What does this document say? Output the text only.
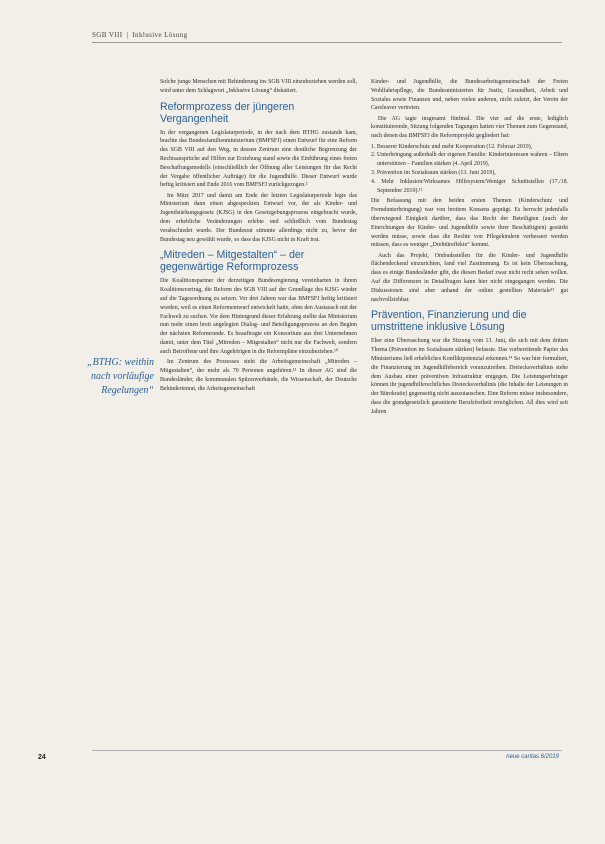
SGB VIII | Inklusive Lösung
„BTHG: weithin
nach vorläufige
Regelungen“

Solche junge Menschen mit Behinderung ins SGB VIII einzubeziehen werden soll, wird unter dem Schlagwort „Inklusive Lösung“ diskutiert.

Reformprozess der jüngeren Vergangenheit

In der vergangenen Legislaturperiode, in der nach dem BTHG zustande kam, brachte das Bundesfamilienministerium (BMFSFJ) einen Entwurf für eine Reform des SGB VIII auf den Weg, in dessen Zentrum eine deutliche Begrenzung der Rechtsansprüche auf Hilfen zur Erziehung stand sowie die Einführung eines freien Beschaffungsmodells (einschließlich der Öffnung aller Leistungen für das Recht der Vergabe öffentlicher Aufträge) für die Jugendhilfe. Dieser Entwurf wurde heftig kritisiert und Ende 2016 vom BMFSFJ zurückgezogen.²

Im März 2017 und damit am Ende der letzten Legislaturperiode legte das Ministerium dann einen abgespeckten Entwurf vor, der als Kinder- und Jugendstärkungsgesetz (KJSG) in den Gesetzgebungsprozess eingebracht wurde, dem erhebliche Veränderungen erlebte und schließlich vom Bundestag verabschiedet wurde. Der Bundesrat stimmte allerdings nicht zu, bevor der Bundestag neu gewählt wurde, so dass das KJSG nicht in Kraft trat.

„Mitreden – Mitgestalten“ – der gegenwärtige Reformprozess

Die Koalitionspartner der derzeitigen Bundesregierung vereinbarten in ihrem Koalitionsvertrag, die Reform des SGB VIII auf der Grundlage des KJSG wieder auf die Tagesordnung zu setzen. Vor drei Jahren war das BMFSFJ heftig kritisiert worden, weil es einen Reformentwurf entwickelt hatte, ohne den Austausch mit der Fachwelt zu suchen. Vor dem Hintergrund dieser Erfahrung stellte das Ministerium nun mehr einen breit angelegten Dialog- und Beteiligungsprozess an den Beginn der nächsten Reformrunde. Es beauftragte ein Konsortium aus drei Unternehmen damit, unter dem Titel „Mitreden – Mitgestalten“ nicht nur die Fachwelt, sondern auch Betroffene und ihre Angehörigen in die Reformpläne einzubeziehen.¹⁰

Im Zentrum des Prozesses steht die Arbeitsgemeinschaft „Mitreden – Mitgestalten“, der mehr als 70 Personen angehören.¹¹ In dieser AG sind die Bundesländer, die kommunalen Spitzenverbände, die Wissenschaft, der Deutsche Behindertenrat, die Arbeitsgemeinschaft

Kinder- und Jugendhilfe, die Bundesarbeitsgemeinschaft der Freien Wohlfahrtspflege, die Bundesministerien für Justiz, Gesundheit, Arbeit und Soziales sowie Finanzen und, neben vielen anderen, nicht zuletzt, der Verein der Careleaver vertreten.

Die AG tagte insgesamt fünfmal. Die vier auf die erste, lediglich konstituierende, Sitzung folgenden Tagungen hatten vier Themen zum Gegenstand, nach denen das BMFSFJ die Reformprojekt gegliedert hat:

1. Besserer Kinderschutz und mehr Kooperation (12. Februar 2019),
2. Unterbringung außerhalb der eigenen Familie: Kinderinteressen wahren – Eltern unterstützen – Familien stärken (4. April 2019),
3. Prävention im Sozialraum stärken (13. Juni 2019),
4. Mehr Inklusion/Wirksames Hilfesystem/Weniger Schnittstellen (17./18. September 2019).¹²

Die Befassung mit den beiden ersten Themen (Kinderschutz und Fremdunterbringung) war von breitem Konsens geprägt. Es herrscht jedenfalls überwiegend Einigkeit darüber, dass das Recht der Beteiligten (auch der Einrichtungen der Kinder- und Jugendhilfe sowie ihrer Beschäftigten) gestärkt werden müsse, sowie dass die Rechte von Pflegekindern verbessert werden müssen, dass es weniger „Drehtüreffekte“ kommt.

Auch das Projekt, Ombudsstellen für die Kinder- und Jugendhilfe flächendeckend einzurichten, fand viel Zustimmung. Es ist kein Überraschung, dass es einige Bundesländer gibt, die diesen Bedarf zwar nicht recht sehen wollen. Auf die Differenzen in Detailfragen kann hier nicht eingegangen werden. Die Diskussionen sind aber anhand der online gestellten Materiale¹³ gut nachvollziehbar.

Prävention, Finanzierung und die umstrittene inklusive Lösung

Eher eine Überraschung war die Sitzung vom 13. Juni, die sich mit dem dritten Thema (Prävention im Sozialraum stärken) befasste. Das vorbereitende Papier des Ministeriums ließ erhebliches Konfliktpotenzial erkennen.¹⁴ So war hier formuliert, die Finanzierung im Jugendhilfebereich voranzutreiben. Dreiecksverhältnis stehe dem Ausbau einer präventiven Infrastruktur entgegen. Die Leistungserbringer können ihr jugendhilferechtliches Dreiecksverhältnis (die Inhalte der Leistungen in der Bürokratie) gegenseitig nicht auszutauschen. Eine Reform müsse insbesondere, dass die grundgesetzlich garantierte Berufsfreiheit ermöglichen. All dies wird seit Jahren

24	neue caritas 6/2019
